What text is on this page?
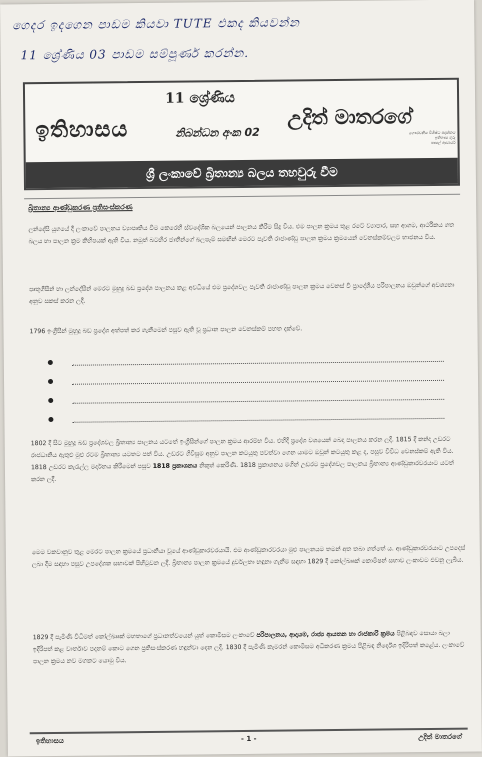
ගෙදර ඉදගෙන පාඩම කියවා TUTE එකද කියවන්න
11 ශ්‍රේණිය 03 පාඩම සම්පූර්ණ කරන්න.
11 ශ්‍රේණිය
ඉතිහාසය	නිබන්ධන අංක 02
උදිත් මාතරගේ
ගෞරවනීය විශිෂ්ට පදක්කම
ඉතිහාස ගුරු
පාසල් ආචාර්ය
ශ්‍රී ලංකාවේ බ්‍රිතාන්‍ය බලය තහවුරු වීම
බ්‍රිතාන්‍ය ආණ්ඩුකරණ ප්‍රතිසංස්කරණ
ලන්දේසි යුගයේ දී ලංකාවේ පාලනය ව්‍යාපෘතිය වීම කෙරෙහි ස්වදේශික බලයෙන් පාලනය කිරීම සිදු විය. එම පාලන ක්‍රමය තුළ රටේ ව්‍යාපාර, සහ ආගම, ආර්ථිකය ගත බලය හා පාලන ක්‍රම කිහිපයක් ඇති විය. නමුත් බටහිර ජාතීන්ගේ බලපෑම් සමඟින් මෙරට පැවති රාජාණ්ඩු පාලන ක්‍රමය ක්‍රමයෙන් වෙනස්කම්වලට භාජනය විය.
පෘතුගීසීන් හා ලන්දේසීන් මෙරට මුහුදු බඩ ප්‍රදේශ පාලනය කළ අවධියේ එම ප්‍රදේශවල පැවති රාජාණ්ඩු පාලන ක්‍රමය වෙනස් වී ප්‍රාදේශීය පරිපාලනය ඔවුන්ගේ අවශ්‍යතා අනුව සකස් කරන ලදී.
1796 ඉංග්‍රීසීන් මුහුදු බඩ ප්‍රදේශ අත්පත් කර ගැනීමෙන් පසුව ඇති වූ ප්‍රධාන පාලන වෙනස්කම් පහත දක්වේ.
1802 දී සිට මුහුදු බඩ ප්‍රදේශවල බ්‍රිතාන්‍ය පාලනය යටතේ ඉංග්‍රීසීන්ගේ පාලන ක්‍රමය ආරම්භ විය. එහිදී ප්‍රදේශ වශයෙන් බෙදා පාලනය කරන ලදී. 1815 දී කන්ද උඩරට රාජධානිය ඇතුළු මුළු රටම බ්‍රිතාන්‍ය යටතට පත් විය. උඩරට ගිවිසුම අනුව පාලන කටයුතු පවත්වා ගෙන යාමට ඔවුන් කටයුතු කළ ද, පසුව විවිධ වෙනස්කම් ඇති විය. 1818 උඩරට කැරැල්ල මර්දනය කිරීමෙන් පසුව 1818 ප්‍රකාශනය නිකුත් කෙරිණි. 1818 ප්‍රකාශනය මගින් උඩරට ප්‍රදේශවල පාලනය බ්‍රිතාන්‍ය ආණ්ඩුකාරවරයාට යටත් කරන ලදී.
මෙම වකවානුව තුළ මෙරට පාලන ක්‍රමයේ ප්‍රධානියා වූයේ ආණ්ඩුකාරවරයායි. එම ආණ්ඩුකාරවරයා මුළු පාලනයම තමන් අත තබා ගත්තේ ය. ආණ්ඩුකාරවරයාට උපදෙස් ලබා දීම සඳහා පසුව උපදේශක සභාවක් පිහිටුවන ලදී. බ්‍රිතාන්‍ය පාලන ක්‍රමයේ දුර්වලතා හඳුනා ගැනීම සඳහා 1829 දී කෝල්බෲක් කොමිෂන් සභාව ලංකාවට එවනු ලැබීය.
1829 දී පැමිණි විධිමත් කෝල්බෲක් මහතාගේ ප්‍රධානත්වයෙන් යුත් කොමිසම ලංකාවේ පරිපාලනය, ආදායම, රාජ්‍ය ආයතන හා රාජකාරි ක්‍රමය පිළිබඳව සොයා බලා ඉදිරිපත් කළ වාර්තාව පදනම් කොට ගෙන ප්‍රතිසංස්කරණ හඳුන්වා දෙන ලදී. 1830 දී පැමිණි කැමරන් කොමිසම අධිකරණ ක්‍රමය පිළිබඳ නිර්දේශ ඉදිරිපත් කළේය. ලංකාවේ පාලන ක්‍රමය නව මගකට යොමු විය.
ඉතිහාසය	- 1 -	උදිත් මාතරගේ
